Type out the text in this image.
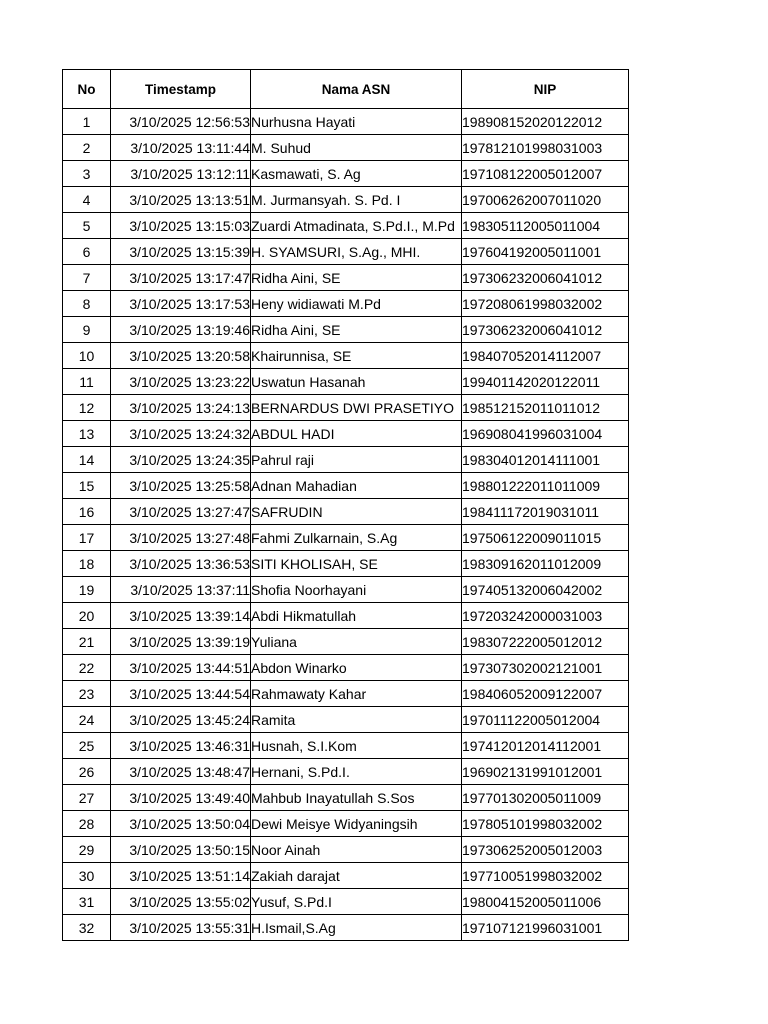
No	Timestamp	Nama ASN	NIP
1	3/10/2025 12:56:53	Nurhusna Hayati	198908152020122012
2	3/10/2025 13:11:44	M. Suhud	197812101998031003
3	3/10/2025 13:12:11	Kasmawati, S. Ag	197108122005012007
4	3/10/2025 13:13:51	M. Jurmansyah. S. Pd. I	197006262007011020
5	3/10/2025 13:15:03	Zuardi Atmadinata, S.Pd.I., M.Pd	198305112005011004
6	3/10/2025 13:15:39	H. SYAMSURI, S.Ag., MHI.	197604192005011001
7	3/10/2025 13:17:47	Ridha Aini, SE	197306232006041012
8	3/10/2025 13:17:53	Heny widiawati M.Pd	197208061998032002
9	3/10/2025 13:19:46	Ridha Aini, SE	197306232006041012
10	3/10/2025 13:20:58	Khairunnisa, SE	198407052014112007
11	3/10/2025 13:23:22	Uswatun Hasanah	199401142020122011
12	3/10/2025 13:24:13	BERNARDUS DWI PRASETIYO	198512152011011012
13	3/10/2025 13:24:32	ABDUL HADI	196908041996031004
14	3/10/2025 13:24:35	Pahrul raji	198304012014111001
15	3/10/2025 13:25:58	Adnan Mahadian	198801222011011009
16	3/10/2025 13:27:47	SAFRUDIN	198411172019031011
17	3/10/2025 13:27:48	Fahmi Zulkarnain, S.Ag	197506122009011015
18	3/10/2025 13:36:53	SITI KHOLISAH, SE	198309162011012009
19	3/10/2025 13:37:11	Shofia Noorhayani	197405132006042002
20	3/10/2025 13:39:14	Abdi Hikmatullah	197203242000031003
21	3/10/2025 13:39:19	Yuliana	198307222005012012
22	3/10/2025 13:44:51	Abdon Winarko	197307302002121001
23	3/10/2025 13:44:54	Rahmawaty Kahar	198406052009122007
24	3/10/2025 13:45:24	Ramita	197011122005012004
25	3/10/2025 13:46:31	Husnah, S.I.Kom	197412012014112001
26	3/10/2025 13:48:47	Hernani, S.Pd.I.	196902131991012001
27	3/10/2025 13:49:40	Mahbub Inayatullah S.Sos	197701302005011009
28	3/10/2025 13:50:04	Dewi Meisye Widyaningsih	197805101998032002
29	3/10/2025 13:50:15	Noor Ainah	197306252005012003
30	3/10/2025 13:51:14	Zakiah darajat	197710051998032002
31	3/10/2025 13:55:02	Yusuf, S.Pd.I	198004152005011006
32	3/10/2025 13:55:31	H.Ismail,S.Ag	197107121996031001
